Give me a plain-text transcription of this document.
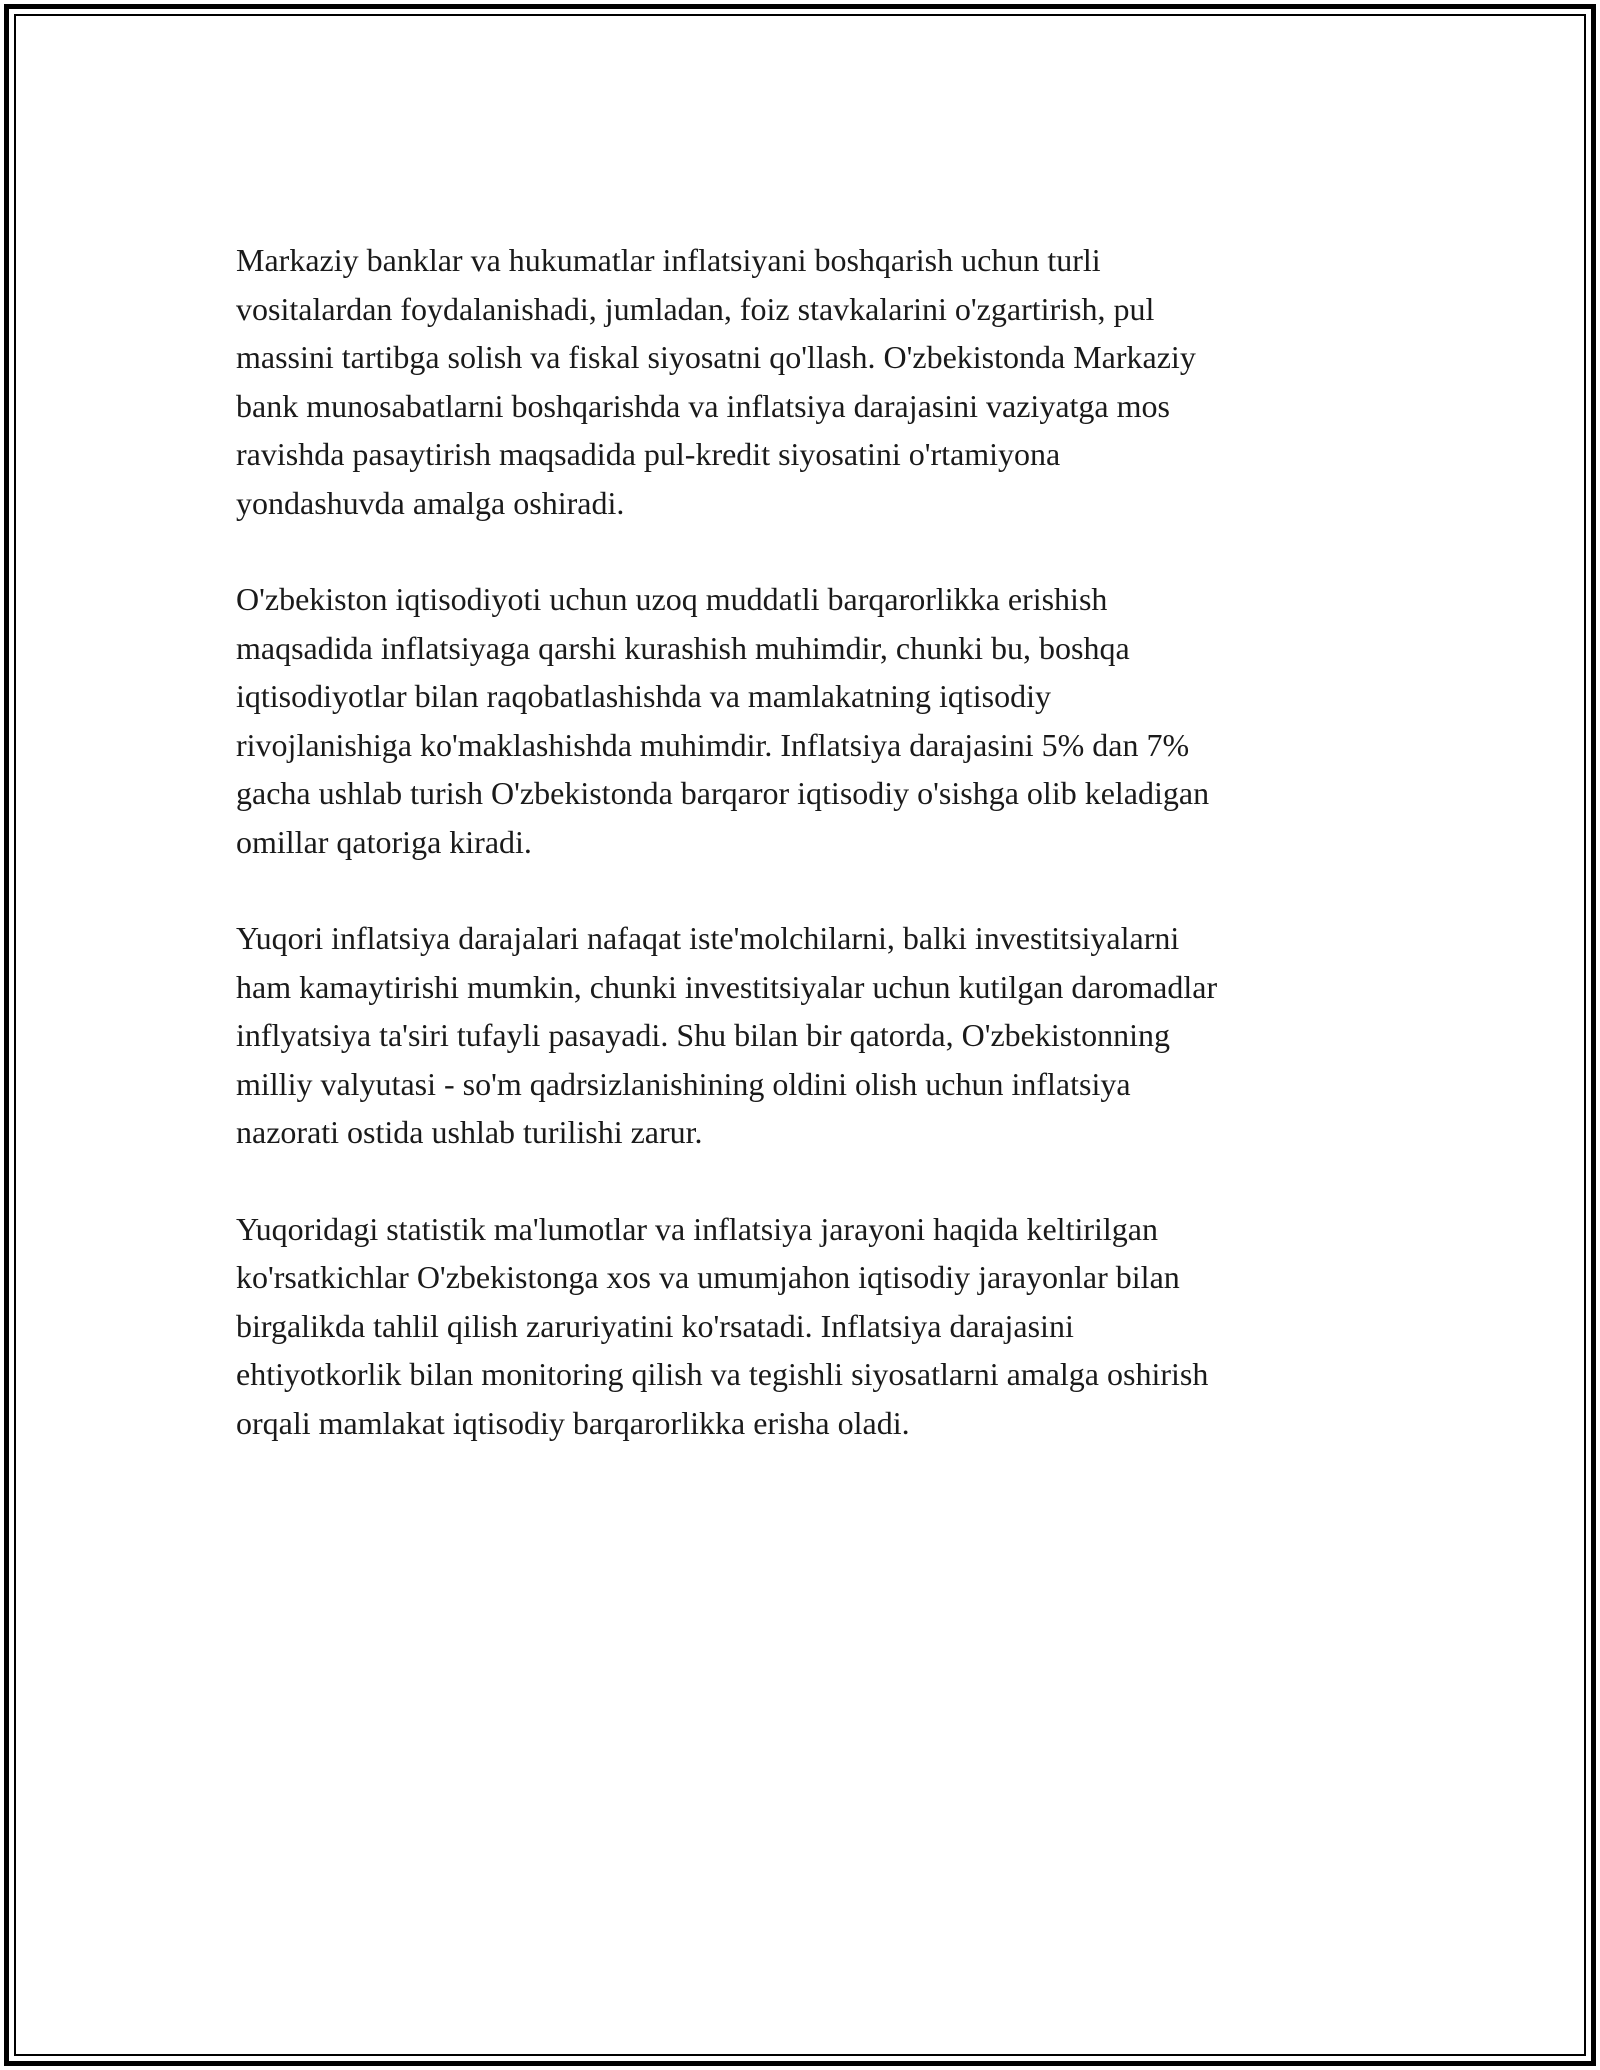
Markaziy banklar va hukumatlar inflatsiyani boshqarish uchun turli
vositalardan foydalanishadi, jumladan, foiz stavkalarini o'zgartirish, pul
massini tartibga solish va fiskal siyosatni qo'llash. O'zbekistonda Markaziy
bank munosabatlarni boshqarishda va inflatsiya darajasini vaziyatga mos
ravishda pasaytirish maqsadida pul-kredit siyosatini o'rtamiyona
yondashuvda amalga oshiradi.

O'zbekiston iqtisodiyoti uchun uzoq muddatli barqarorlikka erishish
maqsadida inflatsiyaga qarshi kurashish muhimdir, chunki bu, boshqa
iqtisodiyotlar bilan raqobatlashishda va mamlakatning iqtisodiy
rivojlanishiga ko'maklashishda muhimdir. Inflatsiya darajasini 5% dan 7%
gacha ushlab turish O'zbekistonda barqaror iqtisodiy o'sishga olib keladigan
omillar qatoriga kiradi.

Yuqori inflatsiya darajalari nafaqat iste'molchilarni, balki investitsiyalarni
ham kamaytirishi mumkin, chunki investitsiyalar uchun kutilgan daromadlar
inflyatsiya ta'siri tufayli pasayadi. Shu bilan bir qatorda, O'zbekistonning
milliy valyutasi - so'm qadrsizlanishining oldini olish uchun inflatsiya
nazorati ostida ushlab turilishi zarur.

Yuqoridagi statistik ma'lumotlar va inflatsiya jarayoni haqida keltirilgan
ko'rsatkichlar O'zbekistonga xos va umumjahon iqtisodiy jarayonlar bilan
birgalikda tahlil qilish zaruriyatini ko'rsatadi. Inflatsiya darajasini
ehtiyotkorlik bilan monitoring qilish va tegishli siyosatlarni amalga oshirish
orqali mamlakat iqtisodiy barqarorlikka erisha oladi.
